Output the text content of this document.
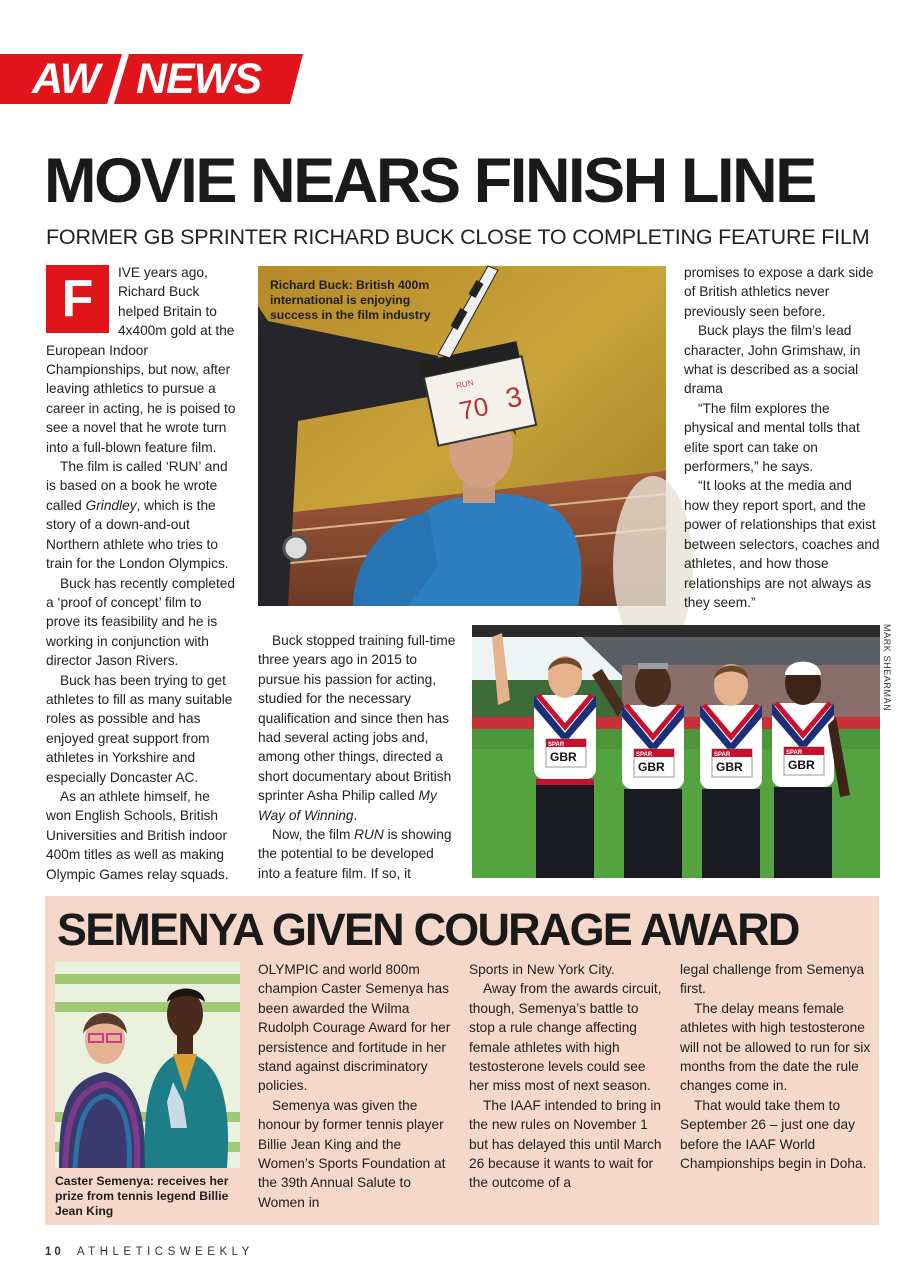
AW NEWS
MOVIE NEARS FINISH LINE
FORMER GB SPRINTER RICHARD BUCK CLOSE TO COMPLETING FEATURE FILM
F	IVE years ago, Richard Buck helped Britain to 4x400m gold at the European Indoor Championships, but now, after leaving athletics to pursue a career in acting, he is poised to see a novel that he wrote turn into a full-blown feature film.

The film is called ‘RUN’ and is based on a book he wrote called Grindley, which is the story of a down-and-out Northern athlete who tries to train for the London Olympics.

Buck has recently completed a ‘proof of concept’ film to prove its feasibility and he is working in conjunction with director Jason Rivers.

Buck has been trying to get athletes to fill as many suitable roles as possible and has enjoyed great support from athletes in Yorkshire and especially Doncaster AC.

As an athlete himself, he won English Schools, British Universities and British indoor 400m titles as well as making Olympic Games relay squads.

RUN
70 3
Richard Buck: British 400m international is enjoying success in the film industry

promises to expose a dark side of British athletics never previously seen before.

Buck plays the film’s lead character, John Grimshaw, in what is described as a social drama

“The film explores the physical and mental tolls that elite sport can take on performers,” he says.

“It looks at the media and how they report sport, and the power of relationships that exist between selectors, coaches and athletes, and how those relationships are not always as they seem.”

Buck stopped training full-time three years ago in 2015 to pursue his passion for acting, studied for the necessary qualification and since then has had several acting jobs and, among other things, directed a short documentary about British sprinter Asha Philip called My Way of Winning.

Now, the film RUN is showing the potential to be developed into a feature film. If so, it

SPAR
GBR	SPAR
GBR
SPAR
GBR
SPAR
GBR
MARK SHEARMAN
SEMENYA GIVEN COURAGE AWARD
Caster Semenya: receives her prize from tennis legend Billie Jean King

OLYMPIC and world 800m champion Caster Semenya has been awarded the Wilma Rudolph Courage Award for her persistence and fortitude in her stand against discriminatory policies.

Semenya was given the honour by former tennis player Billie Jean King and the Women’s Sports Foundation at the 39th Annual Salute to Women in

Sports in New York City.

Away from the awards circuit, though, Semenya’s battle to stop a rule change affecting female athletes with high testosterone levels could see her miss most of next season.

The IAAF intended to bring in the new rules on November 1 but has delayed this until March 26 because it wants to wait for the outcome of a

legal challenge from Semenya first.

The delay means female athletes with high testosterone will not be allowed to run for six months from the date the rule changes come in.

That would take them to September 26 – just one day before the IAAF World Championships begin in Doha.

10 ATHLETICSWEEKLY
